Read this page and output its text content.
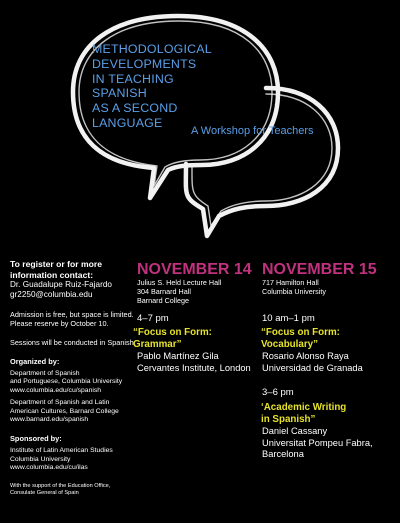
METHODOLOGICAL
DEVELOPMENTS
IN TEACHING
SPANISH
AS A SECOND
LANGUAGE
A Workshop for Teachers
To register or for more
information contact:
Dr. Guadalupe Ruiz-Fajardo
gr2250@columbia.edu
Admission is free, but space is limited.
Please reserve by October 10.
Sessions will be conducted in Spanish.
Organized by:
Department of Spanish
and Portuguese, Columbia University
www.columbia.edu/cu/spanish
Department of Spanish and Latin
American Cultures, Barnard College
www.barnard.edu/spanish
Sponsored by:
Institute of Latin American Studies
Columbia University
www.columbia.edu/cu/ilas
With the support of the Education Office,
Consulate General of Spain
NOVEMBER 14
Julius S. Held Lecture Hall
304 Barnard Hall
Barnard College
4–7 pm
“Focus on Form:
Grammar”
Pablo Martínez Gila
Cervantes Institute, London
NOVEMBER 15
717 Hamilton Hall
Columbia University
10 am–1 pm
“Focus on Form:
Vocabulary”
Rosario Alonso Raya
Universidad de Granada
3–6 pm
‘Academic Writing
in Spanish”
Daniel Cassany
Universitat Pompeu Fabra,
Barcelona
